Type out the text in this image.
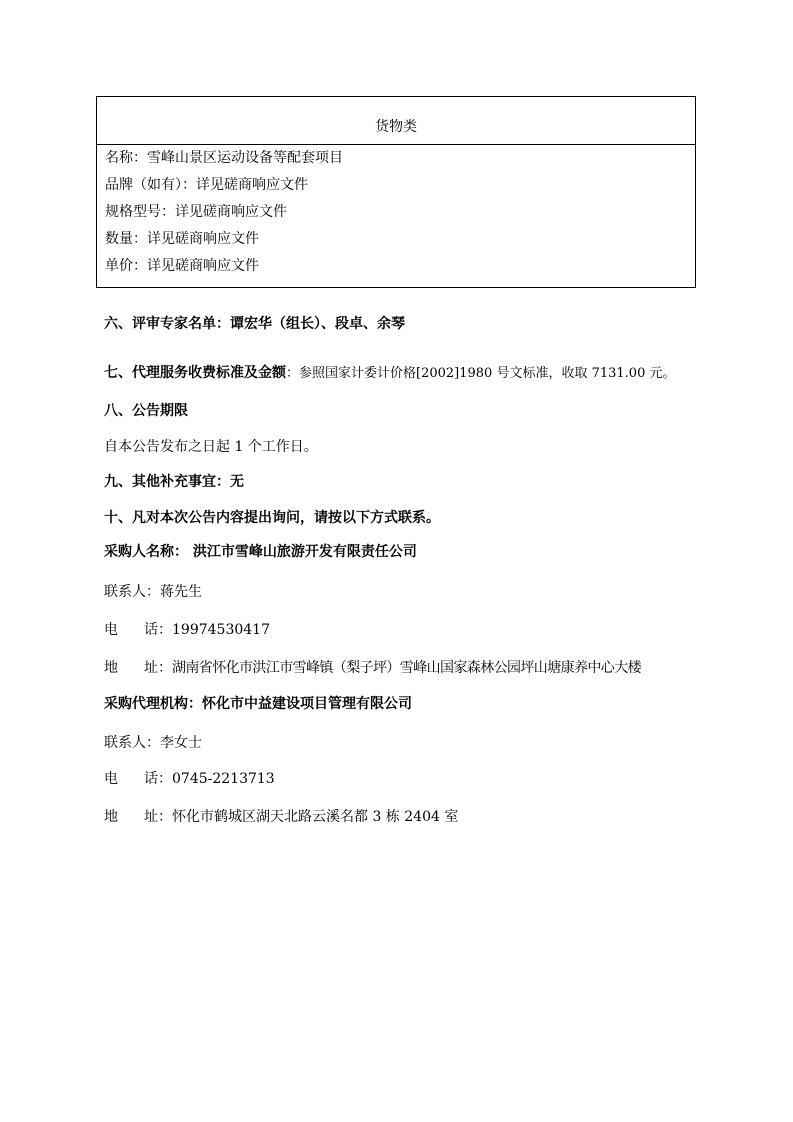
货物类
名称：雪峰山景区运动设备等配套项目
品牌（如有）：详见磋商响应文件
规格型号：详见磋商响应文件
数量：详见磋商响应文件
单价：详见磋商响应文件
六、评审专家名单：谭宏华（组长）、段卓、余琴
七、代理服务收费标准及金额：参照国家计委计价格[2002]1980 号文标准，收取 7131.00 元。
八、公告期限
自本公告发布之日起 1 个工作日。
九、其他补充事宜：无
十、凡对本次公告内容提出询问，请按以下方式联系。
采购人名称： 洪江市雪峰山旅游开发有限责任公司
联系人：蒋先生
电 话：19974530417
地 址：湖南省怀化市洪江市雪峰镇（梨子坪）雪峰山国家森林公园坪山塘康养中心大楼
采购代理机构：怀化市中益建设项目管理有限公司
联系人：李女士
电 话：0745-2213713
地 址：怀化市鹤城区湖天北路云溪名都 3 栋 2404 室
